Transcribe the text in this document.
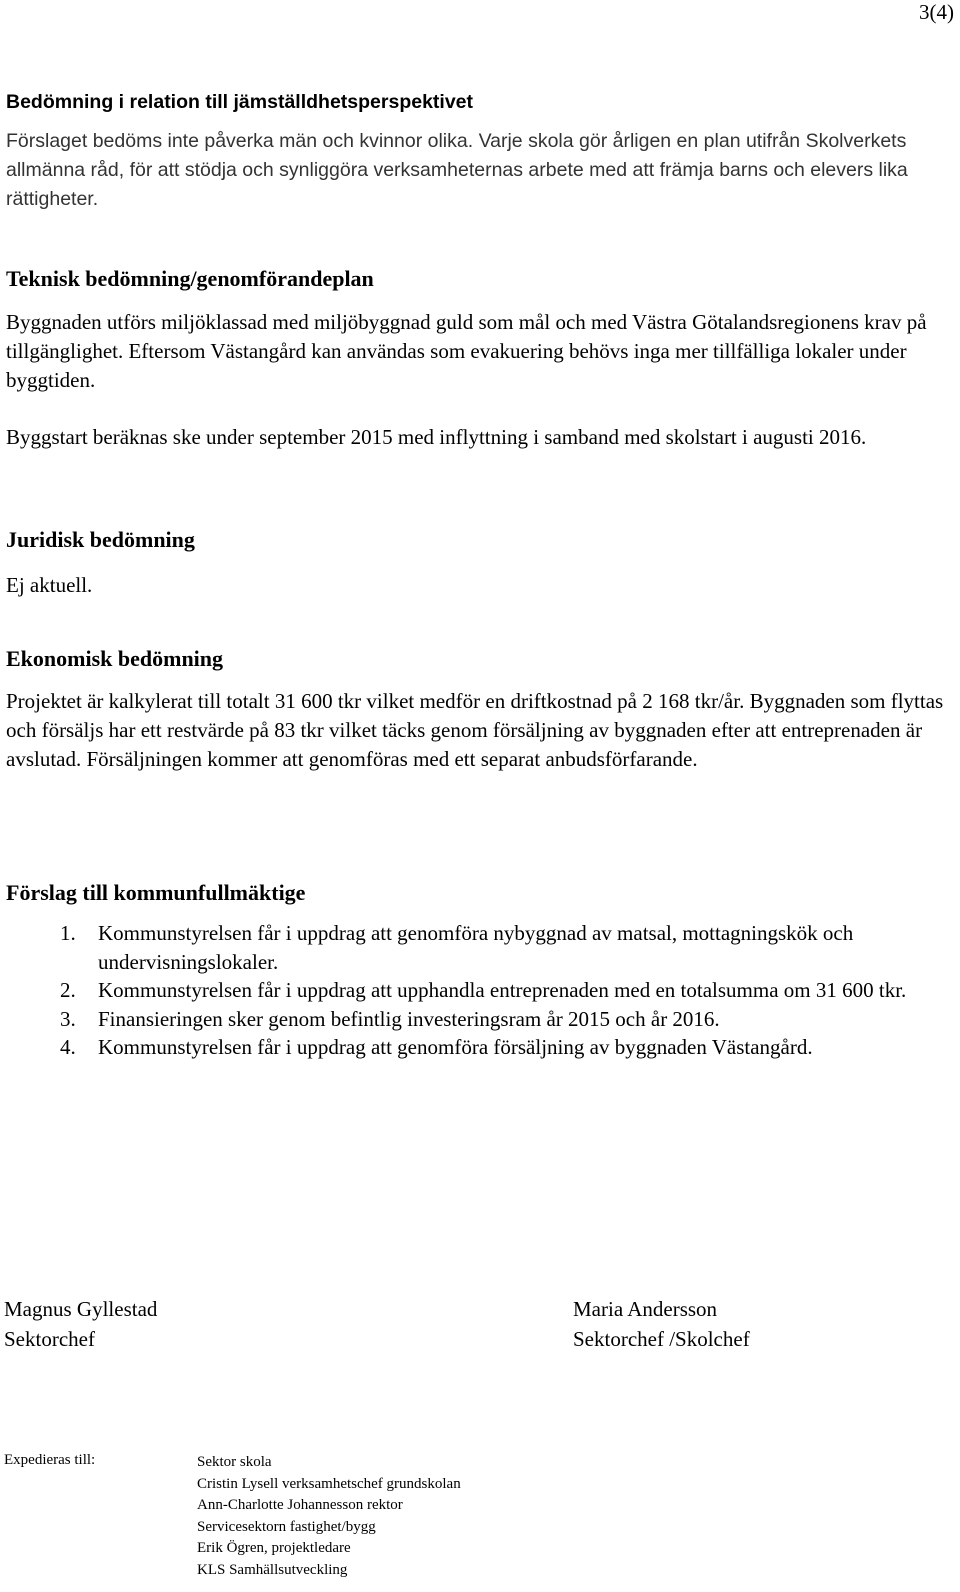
3(4)
Bedömning i relation till jämställdhetsperspektivet

Förslaget bedöms inte påverka män och kvinnor olika. Varje skola gör årligen en plan utifrån Skolverkets allmänna råd, för att stödja och synliggöra verksamheternas arbete med att främja barns och elevers lika rättigheter.

Teknisk bedömning/genomförandeplan

Byggnaden utförs miljöklassad med miljöbyggnad guld som mål och med Västra Götalandsregionens krav på tillgänglighet. Eftersom Västangård kan användas som evakuering behövs inga mer tillfälliga lokaler under byggtiden.

Byggstart beräknas ske under september 2015 med inflyttning i samband med skolstart i augusti 2016.

Juridisk bedömning

Ej aktuell.

Ekonomisk bedömning

Projektet är kalkylerat till totalt 31 600 tkr vilket medför en driftkostnad på 2 168 tkr/år. Byggnaden som flyttas och försäljs har ett restvärde på 83 tkr vilket täcks genom försäljning av byggnaden efter att entreprenaden är avslutad. Försäljningen kommer att genomföras med ett separat anbudsförfarande.

Förslag till kommunfullmäktige
1. Kommunstyrelsen får i uppdrag att genomföra nybyggnad av matsal, mottagningskök och undervisningslokaler.
2. Kommunstyrelsen får i uppdrag att upphandla entreprenaden med en totalsumma om 31 600 tkr.
3. Finansieringen sker genom befintlig investeringsram år 2015 och år 2016.
4. Kommunstyrelsen får i uppdrag att genomföra försäljning av byggnaden Västangård.
Magnus Gyllestad
Sektorchef
Maria Andersson
Sektorchef /Skolchef
Expedieras till:	Sektor skola
Cristin Lysell verksamhetschef grundskolan
Ann-Charlotte Johannesson rektor
Servicesektorn fastighet/bygg
Erik Ögren, projektledare
KLS Samhällsutveckling
